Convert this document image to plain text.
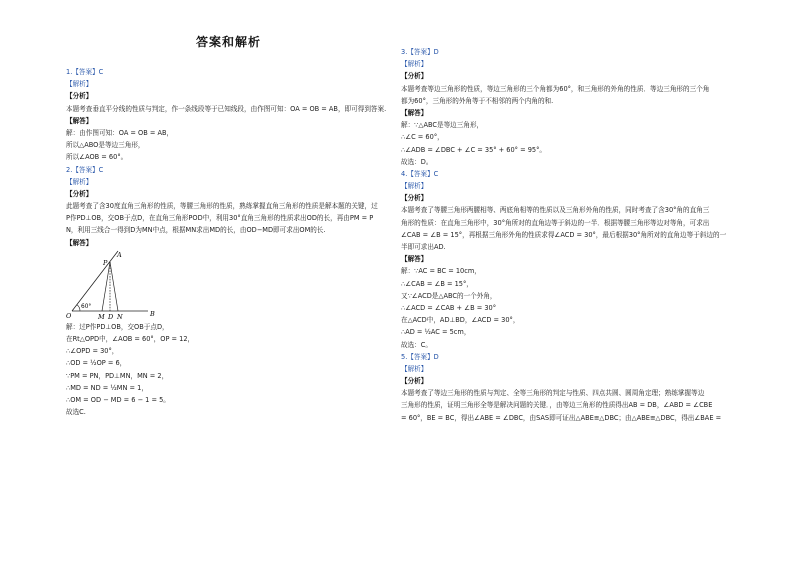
答案和解析
1.【答案】C
【解析】
【分析】
本题考查垂直平分线的性质与判定，作一条线段等于已知线段，由作图可知：OA = OB = AB，即可得到答案.
【解答】
解：由作图可知：OA = OB = AB，
所以△ABO是等边三角形，
所以∠AOB = 60°。
2.【答案】C
【解析】
【分析】
此题考查了含30度直角三角形的性质，等腰三角形的性质，熟练掌握直角三角形的性质是解本题的关键，过
P作PD⊥OB，交OB于点D，在直角三角形POD中，利用30°直角三角形的性质求出OD的长，再由PM = P
N，利用三线合一得到D为MN中点，根据MN求出MD的长，由OD−MD即可求出OM的长.
【解答】
A
P
O	B
M D N
60°
解：过P作PD⊥OB，交OB于点D，
在Rt△OPD中，∠AOB = 60°，OP = 12，
∴∠OPD = 30°，
∴OD = ½OP = 6，
∵PM = PN，PD⊥MN，MN = 2，
∴MD = ND = ½MN = 1，
∴OM = OD − MD = 6 − 1 = 5。
故选C.
3.【答案】D
【解析】
【分析】
本题考查等边三角形的性质，等边三角形的三个角都为60°，和三角形的外角的性质．等边三角形的三个角
都为60°，三角形的外角等于不相邻的两个内角的和.
【解答】
解：∵△ABC是等边三角形，
∴∠C = 60°，
∴∠ADB = ∠DBC + ∠C = 35° + 60° = 95°。
故选：D。
4.【答案】C
【解析】
【分析】
本题考查了等腰三角形两腰相等、两底角相等的性质以及三角形外角的性质，同时考查了含30°角的直角三
角形的性质：在直角三角形中，30°角所对的直角边等于斜边的一半．根据等腰三角形等边对等角，可求出
∠CAB = ∠B = 15°，再根据三角形外角的性质求得∠ACD = 30°，最后根据30°角所对的直角边等于斜边的一
半即可求出AD.
【解答】
解：∵AC = BC = 10cm，
∴∠CAB = ∠B = 15°，
又∵∠ACD是△ABC的一个外角，
∴∠ACD = ∠CAB + ∠B = 30°
在△ACD中，AD⊥BD，∠ACD = 30°，
∴AD = ½AC = 5cm，
故选：C。
5.【答案】D
【解析】
【分析】
本题考查了等边三角形的性质与判定、全等三角形的判定与性质、四点共圆、圆周角定理；熟练掌握等边
三角形的性质，证明三角形全等是解决问题的关键．，由等边三角形的性质得出AB = DB，∠ABD = ∠CBE
= 60°，BE = BC，得出∠ABE = ∠DBC，由SAS即可证出△ABE≌△DBC；由△ABE≌△DBC，得出∠BAE =
